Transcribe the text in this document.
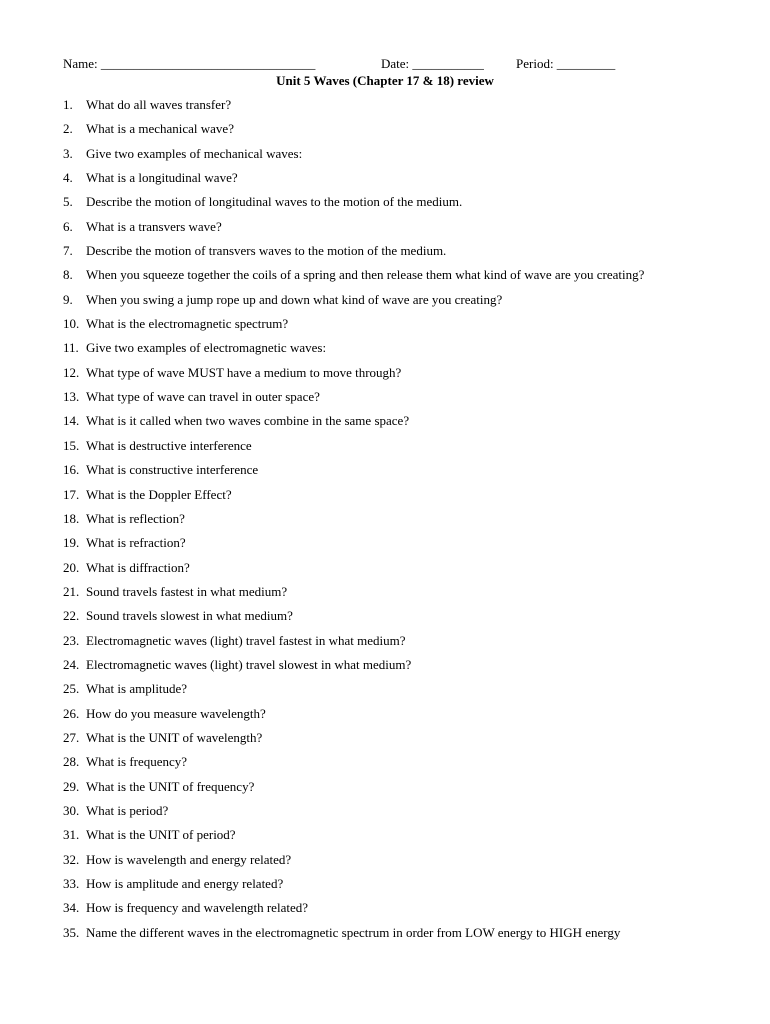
Name: _________________________________	Date: ___________ Period: _________
Unit 5 Waves (Chapter 17 & 18) review
1.	What do all waves transfer?
2.	What is a mechanical wave?
3.	Give two examples of mechanical waves:
4.	What is a longitudinal wave?
5.	Describe the motion of longitudinal waves to the motion of the medium.
6.	What is a transvers wave?
7.	Describe the motion of transvers waves to the motion of the medium.
8.	When you squeeze together the coils of a spring and then release them what kind of wave are you creating?
9.	When you swing a jump rope up and down what kind of wave are you creating?
10. What is the electromagnetic spectrum?
11. Give two examples of electromagnetic waves:
12. What type of wave MUST have a medium to move through?
13. What type of wave can travel in outer space?
14. What is it called when two waves combine in the same space?
15. What is destructive interference
16. What is constructive interference
17. What is the Doppler Effect?
18. What is reflection?
19. What is refraction?
20. What is diffraction?
21. Sound travels fastest in what medium?
22. Sound travels slowest in what medium?
23. Electromagnetic waves (light) travel fastest in what medium?
24. Electromagnetic waves (light) travel slowest in what medium?
25. What is amplitude?
26. How do you measure wavelength?
27. What is the UNIT of wavelength?
28. What is frequency?
29. What is the UNIT of frequency?
30. What is period?
31. What is the UNIT of period?
32. How is wavelength and energy related?
33. How is amplitude and energy related?
34. How is frequency and wavelength related?
35. Name the different waves in the electromagnetic spectrum in order from LOW energy to HIGH energy
